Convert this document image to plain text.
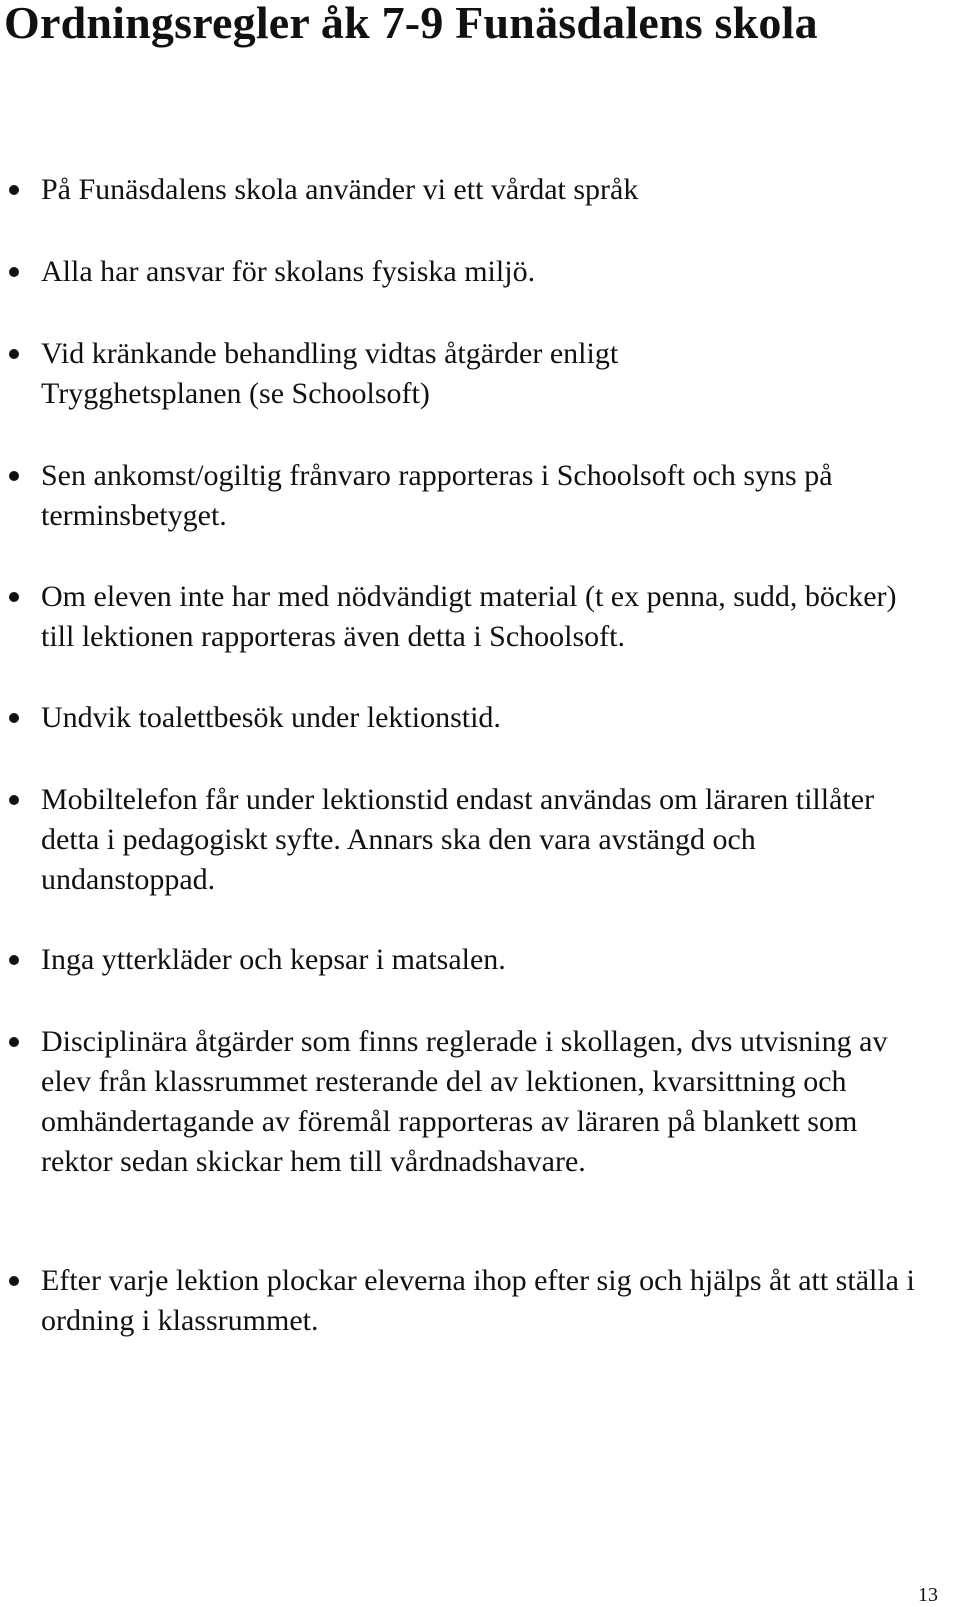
Ordningsregler åk 7-9 Funäsdalens skola
På Funäsdalens skola använder vi ett vårdat språk
Alla har ansvar för skolans fysiska miljö.
Vid kränkande behandling vidtas åtgärder enligt Trygghetsplanen (se Schoolsoft)
Sen ankomst/ogiltig frånvaro rapporteras i Schoolsoft och syns på terminsbetyget.
Om eleven inte har med nödvändigt material (t ex penna, sudd, böcker) till lektionen rapporteras även detta i Schoolsoft.
Undvik toalettbesök under lektionstid.
Mobiltelefon får under lektionstid endast användas om läraren tillåter detta i pedagogiskt syfte. Annars ska den vara avstängd och undanstoppad.
Inga ytterkläder och kepsar i matsalen.
Disciplinära åtgärder som finns reglerade i skollagen, dvs utvisning av elev från klassrummet resterande del av lektionen, kvarsittning och omhändertagande av föremål rapporteras av läraren på blankett som rektor sedan skickar hem till vårdnadshavare.
Efter varje lektion plockar eleverna ihop efter sig och hjälps åt att ställa i ordning i klassrummet.
13
